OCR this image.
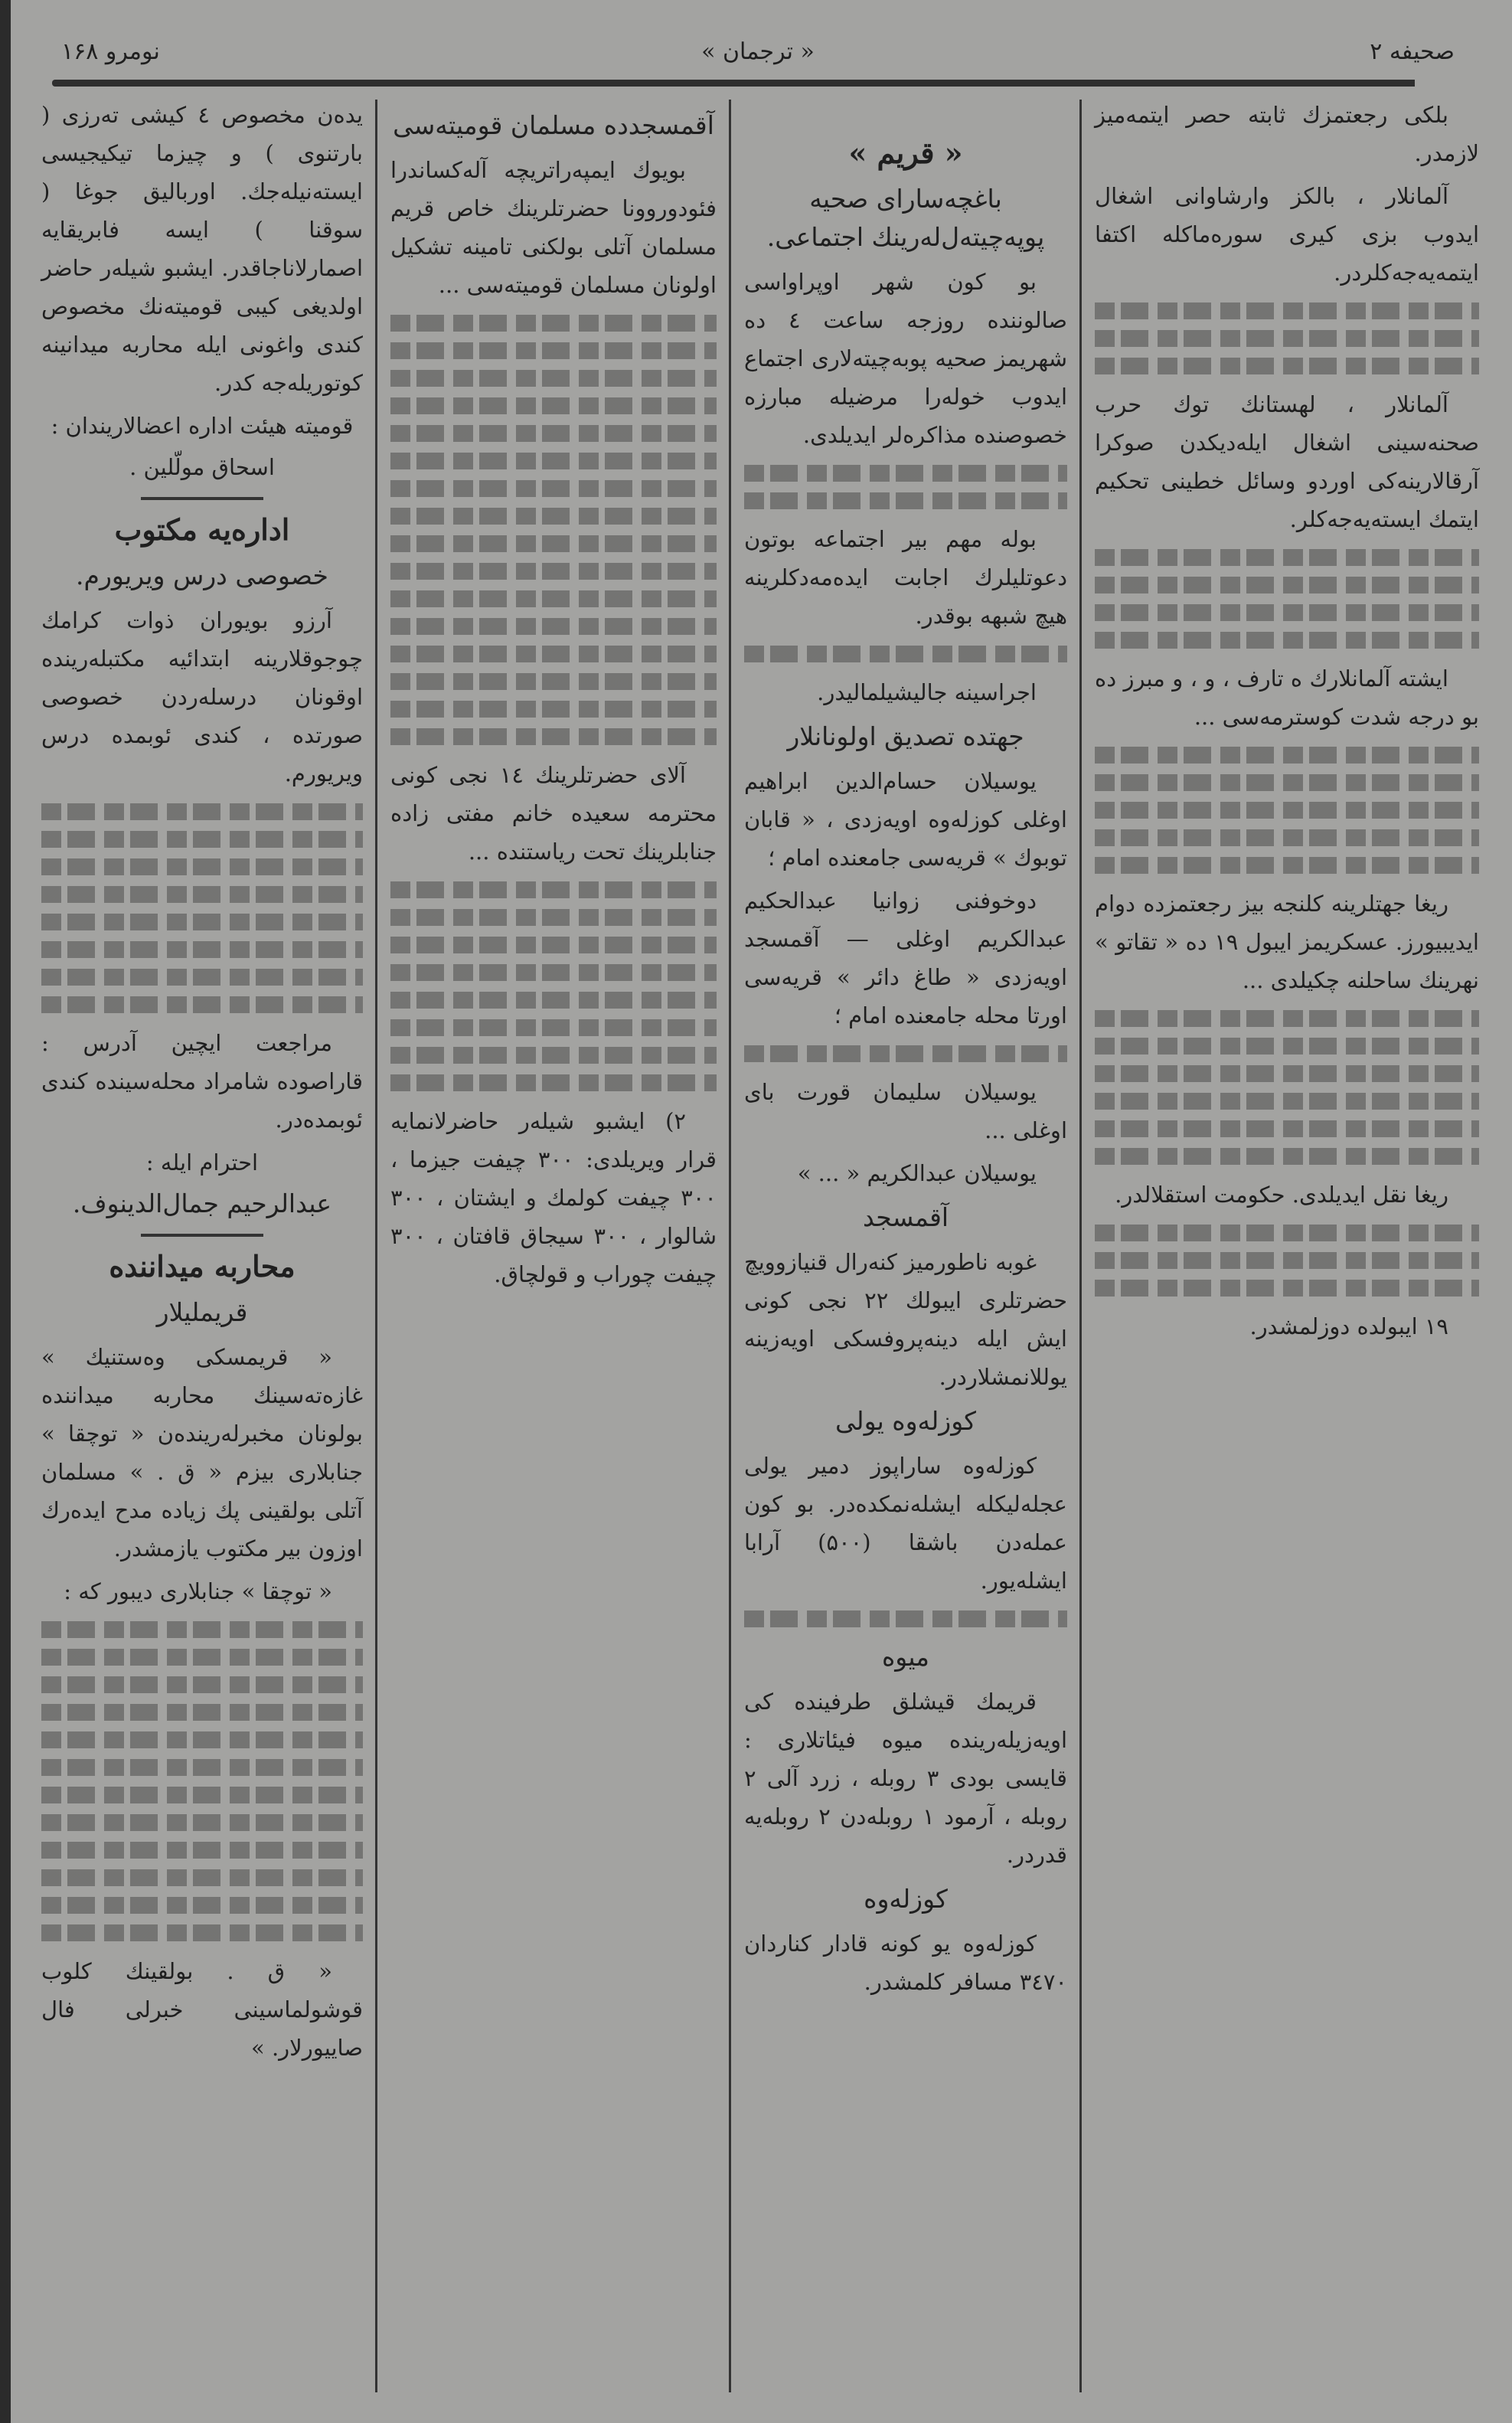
صحیفه ۲
« ترجمان »
نومرو ۱۶۸

بلکی رجعتمزك ثابته حصر ایتمه‌میز لازمدر.

آلمانلار ، بالکز وارشاوانی اشغال ایدوب بزی کیری سوره‌ماکله اکتفا ایتمه‌یه‌جه‌کلردر.

آلمانلار ، لهستانك توك حرب صحنه‌سینی اشغال ایله‌دیکدن صوکرا آرقالارینه‌کی اوردو وسائل خطینی تحکیم ایتمك ایسته‌یه‌جه‌کلر.

ایشته آلمانلارك ه تارف ، و ، و مبرز ده بو درجه شدت کوسترمه‌سی ...

ریغا جهتلرینه کلنجه بیز رجعتمزده دوام ایدیبیورز. عسکریمز ایبول ۱۹ ده « تقاتو » نهرینك ساحلنه چکیلدی ...

ریغا نقل ایدیلدی. حکومت استقلالدر.

۱۹ ایبولده دوزلمشدر.

« قریم »
باغچه‌سارای صحیه پوپه‌چیته‌ل‌له‌رینك اجتماعی.

بو کون شهر اوپراواسی صالوننده روزجه ساعت ٤ ده شهریمز صحیه پوبه‌چیته‌لاری اجتماع ایدوب خوله‌را مرضیله مبارزه خصوصنده مذاکره‌لر ایدیلدی.

بوله مهم بیر اجتماعه بوتون دعوتلیلرك اجابت ایده‌مه‌دکلرینه هیچ شبهه بوقدر.

اجراسینه جالیشیلمالیدر.

جهتده تصدیق اولونانلار

یوسیلان حسام‌الدین ابراهیم اوغلی کوزله‌وه اویه‌زدی ، « قابان توبوك » قریه‌سی جامعنده امام ؛

دوخوفنی زوانیا عبدالحکیم عبدالکریم اوغلی — آقمسجد اویه‌زدی « طاغ دائر » قریه‌سی اورتا محله جامعنده امام ؛

یوسیلان سلیمان قورت بای اوغلی ...

یوسیلان عبدالکریم « ... »

آقمسجد

غوبه ناطورمیز کنه‌رال قنیازوویچ حضرتلری ایبولك ۲۲ نجی کونی ایش ایله دینه‌پروفسکی اویه‌زینه یوللانمشلاردر.

کوزله‌وه یولی

کوزله‌وه ساراپوز دمیر یولی عجله‌لیکله ایشله‌نمکده‌در. بو کون عمله‌دن باشقا (۵۰۰) آرابا ایشله‌یور.

میوه

قریمك قیشلق طرفینده کی اویه‌زیله‌رینده میوه فیئاتلاری : قایسی بودی ۳ روبله ، زرد آلی ۲ روبله ، آرمود ۱ روبله‌دن ۲ روبله‌یه قدردر.

کوزله‌وه

کوزله‌وه یو کونه قادار کناردان ۳٤۷۰ مسافر کلمشدر.

آقمسجدده مسلمان قومیته‌سی

بویوك ایمپه‌راتریچه آله‌کساندرا فئودوروونا حضرتلرینك خاص قریم مسلمان آتلی بولکنی تامینه تشکیل اولونان مسلمان قومیته‌سی ...

آلای حضرتلرینك ۱٤ نجی کونی محترمه سعیده خانم مفتی زاده جنابلرینك تحت ریاستنده ...

۲) ایشبو شیله‌ر حاضرلانمایه قرار ویریلدی: ۳۰۰ چیفت جیزما ، ۳۰۰ چیفت کولمك و ایشتان ، ۳۰۰ شالوار ، ۳۰۰ سیجاق قافتان ، ۳۰۰ چیفت چوراب و قولچاق.

یده‌ن مخصوص ٤ کیشی تەرزی ( بارتنوی ) و چیزما تیکیجیسی ایسته‌نیله‌جك. اوربالیق جوغا ( سوقنا ) ایسه فابریقایه اصمارلاناجاقدر. ایشبو شیله‌ر حاضر اولدیغی کیبی قومیته‌نك مخصوص کندی واغونی ایله محاربه میدانینه کوتوریله‌جه کدر.

قومیته هیئت اداره اعضالاریندان :
اسحاق مولّلین .
اداره‌یه مکتوب
خصوصی درس ویریورم.

آرزو بویوران ذوات کرامك چوجوقلارینه ابتدائیه مکتبله‌رینده اوقونان درسله‌ردن خصوصی صورتده ، کندی ئوبمده درس ویریورم.

مراجعت ایچین آدرس : قاراصوده شامراد محله‌سینده کندی ئوبمده‌در.

احترام ایله :
عبدالرحیم جمال‌الدینوف.
محاربه میداننده
قریملیلار

« قریمسکی وه‌ستنیك » غازه‌ته‌سینك محاربه میداننده بولونان مخبرله‌ریندەن « توچقا » جنابلاری بیزم « ق . » مسلمان آتلی بولقینی پك زیاده مدح ایده‌رك اوزون بیر مکتوب یازمشدر.

« توچقا » جنابلاری دیبور که :

« ق . بولقینك کلوب قوشولماسینی خبرلی فال صاییورلار. »
